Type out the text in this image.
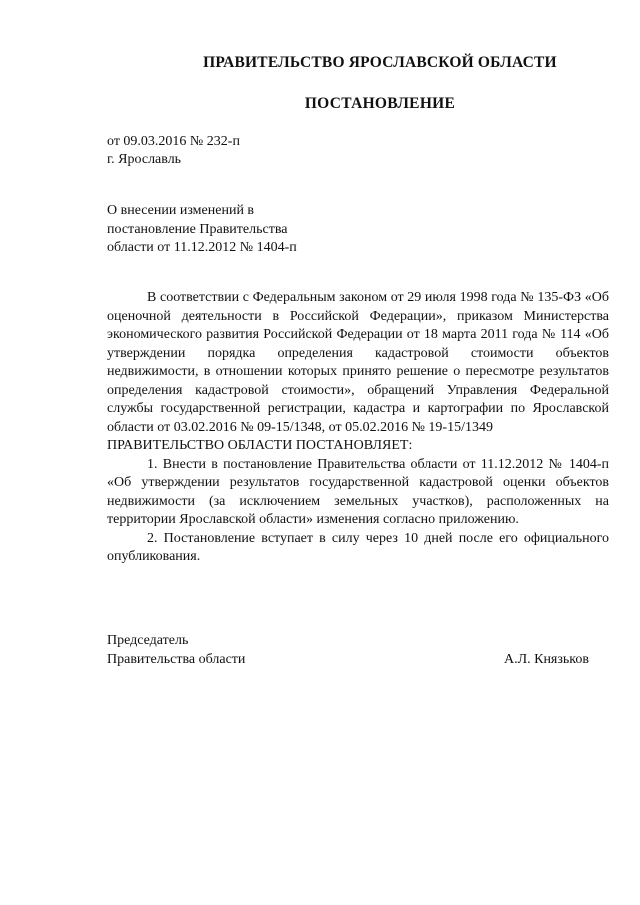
ПРАВИТЕЛЬСТВО ЯРОСЛАВСКОЙ ОБЛАСТИ
ПОСТАНОВЛЕНИЕ
от 09.03.2016 № 232-п
г. Ярославль
О внесении изменений в
постановление Правительства
области от 11.12.2012 № 1404-п

В соответствии с Федеральным законом от 29 июля 1998 года № 135-ФЗ «Об оценочной деятельности в Российской Федерации», приказом Министерства экономического развития Российской Федерации от 18 марта 2011 года № 114 «Об утверждении порядка определения кадастровой стоимости объектов недвижимости, в отношении которых принято решение о пересмотре результатов определения кадастровой стоимости», обращений Управления Федеральной службы государственной регистрации, кадастра и картографии по Ярославской области от 03.02.2016 № 09-15/1348, от 05.02.2016 № 19-15/1349

ПРАВИТЕЛЬСТВО ОБЛАСТИ ПОСТАНОВЛЯЕТ:

1. Внести в постановление Правительства области от 11.12.2012 № 1404-п «Об утверждении результатов государственной кадастровой оценки объектов недвижимости (за исключением земельных участков), расположенных на территории Ярославской области» изменения согласно приложению.

2. Постановление вступает в силу через 10 дней после его официального опубликования.

Председатель
Правительства области	А.Л. Князьков
